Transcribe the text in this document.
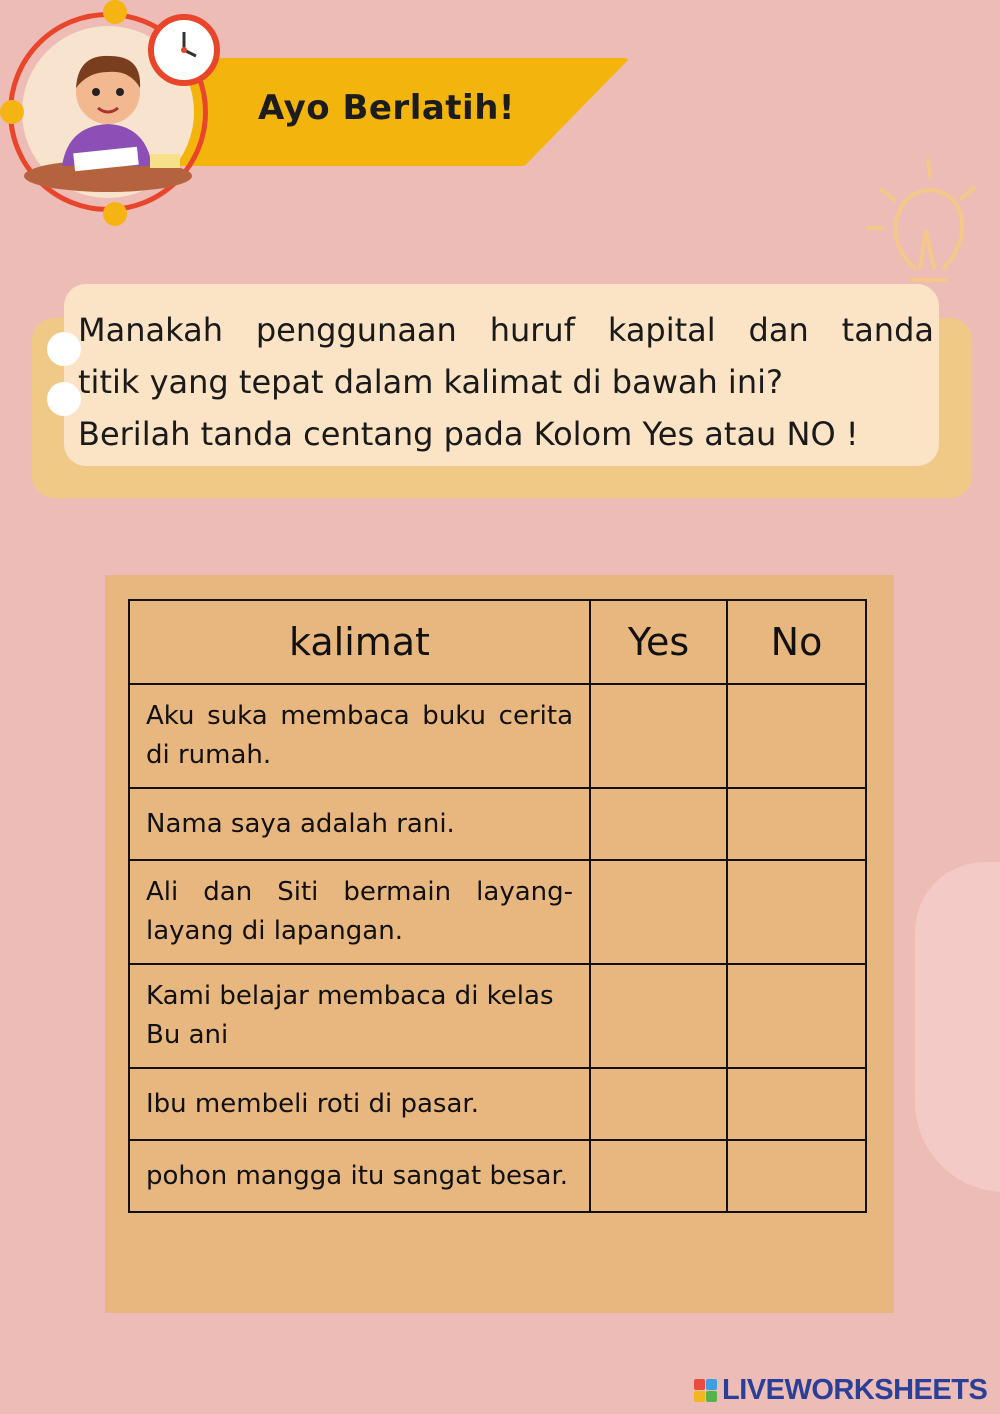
Ayo Berlatih!

Manakah penggunaan huruf kapital dan tanda
titik yang tepat dalam kalimat di bawah ini?
Berilah tanda centang pada Kolom Yes atau NO !

kalimat	Yes	No
Aku suka membaca buku cerita di rumah.		
Nama saya adalah rani.		
Ali dan Siti bermain layang-layang di lapangan.		
Kami belajar membaca di kelas Bu ani		
Ibu membeli roti di pasar.		
pohon mangga itu sangat besar.		
LIVEWORKSHEETS
